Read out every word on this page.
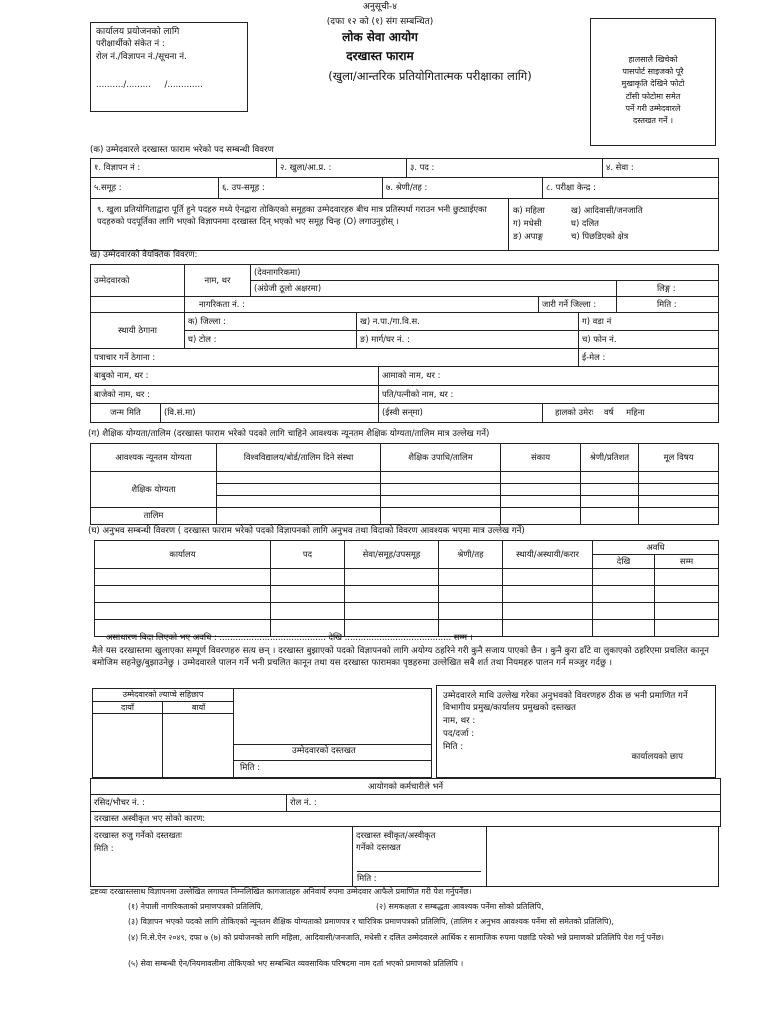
अनुसूची-४
(दफा १२ को (१) संग सम्बन्धित)
लोक सेवा आयोग
दरखास्त फाराम
(खुला/आन्तरिक प्रतियोगितात्मक परीक्षाका लागि)
कार्यालय प्रयोजनको लागि
परीक्षार्थीको संकेत नं :
रोल नं./विज्ञापन नं./सूचना नं.
........../.........     /.............
हालसालै खिचेको
पासपोर्ट साइजको पूरै
मुखाकृति देखिने फोटो
टाँसी फोटोमा समेत
पर्ने गरी उम्मेदवारले
दस्तखत गर्ने ।
(क) उम्मेदवारले दरखास्त फाराम भरेको पद सम्बन्धी विवरण
१. विज्ञापन नं :	२. खुला/आ.प्र. :	३. पद :	४. सेवा :
५.समूह :	६. उप-समूह :	७. श्रेणी/तह :	८. परीक्षा केन्द्र :
९. खुला प्रतियोगिताद्वारा पूर्ति हुने पदहरु मध्ये ऐनद्वारा तोकिएको समूहका उम्मेदवारहरु बीच मात्र प्रतिस्पर्धा गराउन भनी छुट्याईएका पदहरुको पदपूर्तिका लागि भएको विज्ञापनमा दरखास्त दिन् भएको भए समूह चिन्ह (O) लगाउनुहोस् ।	
क) महिला	ख) आदिवासी/जनजाति
ग) मधेसी	घ) दलित
ङ) अपाङ्ग	च) पिछडिएको क्षेत्र
ख) उम्मेदवारको वैयक्तिक विवरण:
उम्मेदवारको	नाम, थर	(देवनागरिकमा)		
		(अंग्रेजी ठूलो अक्षरमा)		लिङ्ग :
	नागरिकता नं. :		जारी गर्ने जिल्ला :	मिति :
स्थायी ठेगाना	क) जिल्ला :	ख) न.पा./गा.वि.स.	ग) वडा नं
	घ) टोल :	ङ) मार्ग/घर नं. :	च) फोन नं.
पत्राचार गर्ने ठेगाना :		ई-मेल :
बाबुको नाम, थर :	आमाको नाम, थर :	
बाजेको नाम, थर :	पति/पत्नीको नाम, थर :	
जन्म मिति	(वि.सं.मा)	(ईस्वी सन्‌मा)	हालको उमेरः वर्ष महिना
(ग) शैक्षिक योग्यता/तालिम (दरखास्त फाराम भरेको पदको लागि चाहिने आवश्यक न्यूनतम शैक्षिक योग्यता/तालिम मात्र उल्लेख गर्ने)
आवश्यक न्यूनतम योग्यता	विश्वविद्यालय/बोर्ड/तालिम दिने संस्था	शैक्षिक उपाधि/तालिम	संकाय	श्रेणी/प्रतिशत	मूल विषय
शैक्षिक योग्यता					

तालिम					
(घ) अनुभव सम्बन्धी विवरण ( दरखास्त फाराम भरेको पदको विज्ञापनको लागि अनुभव तथा विदाको विवरण आवश्यक भएमा मात्र उल्लेख गर्ने)
कार्यालय	पद	सेवा/समूह/उपसमूह	श्रेणी/तह	स्थायी/अस्थायी/करार	अवधि	
					देखि	सम्म

असाधारण बिदा लिएको भए अवधि : ........................................ देखि ........................................ सम्म ।
मैले यस दरखास्तमा खुलाएका सम्पूर्ण विवरणहरु सत्य छन् । दरखास्त बुझाएको पदको विज्ञापनको लागि अयोग्य ठहरिने गरी कुनै सजाय पाएको छैन । कुनै कुरा ढाँटे वा लुकाएको ठहरिएमा प्रचलित कानून बमोजिम सहनेछु/बुझाउनेछु । उम्मेदवारले पालन गर्ने भनी प्रचलित कानून तथा यस दरखास्त फारामका पृष्ठहरुमा उल्लेखित सबै शर्त तथा नियमहरु पालन गर्न मञ्जुर गर्दछु ।
उम्मेदवारको ल्याप्चे सहिछाप
दायाँ	बायाँ
उम्मेदवारको दस्तखत
मिति :
उम्मेदवारले माथि उल्लेख गरेका अनुभवको विवरणहरु ठीक छ भनी प्रमाणित गर्ने विभागीय प्रमुख/कार्यालय प्रमुखको दस्तखत
नाम, थर :
पद/दर्जा :
मिति :
कार्यालयको छाप
आयोगको कर्मचारीले भर्ने
रसिद/भौचर नं. :	रोल नं. :
दरखास्त अस्वीकृत भए सोको कारण:
दरखास्त रुजु गर्नेको दस्तखतः
मिति :

दरखास्त स्वीकृत/अस्वीकृत
गर्नेको दस्तखत
मिति :

द्रष्टव्यः दरखास्तसाथ विज्ञापनमा उल्लेखित लगायत निम्नलिखित कागजातहरु अनिवार्य रुपमा उम्मेदवार आफैले प्रमाणित गरी पेश गर्नुपर्नेछ।
(१) नेपाली नागरिकताको प्रमाणपत्रको प्रतिलिपि,	(२) समकक्षता र सम्बद्धता आवश्यक पर्नेमा सोको प्रतिलिपि,
(३) विज्ञापन भएको पदको लागि तोकिएको न्यूनतम शैक्षिक योग्यताको प्रमाणपत्र र चारित्रिक प्रमाणपत्रको प्रतिलिपि, (तालिम र अनुभव आवश्यक पर्नेमा सो समेतको प्रतिलिपि),
(४) नि.से.ऐन २०४९, दफा ७ (७) को प्रयोजनको लागि महिला, आदिवासी/जनजाति, मधेसी र दलित उम्मेदवारले आर्थिक र सामाजिक रुपमा पछाडि परेको भन्ने प्रमाणको प्रतिलिपि पेश गर्नु पर्नेछ।
(५) सेवा सम्बन्धी ऐन/नियमावलीमा तोकिएको भए सम्बन्धित व्यवसायिक परिषदमा नाम दर्ता भएको प्रमाणको प्रतिलिपि ।
